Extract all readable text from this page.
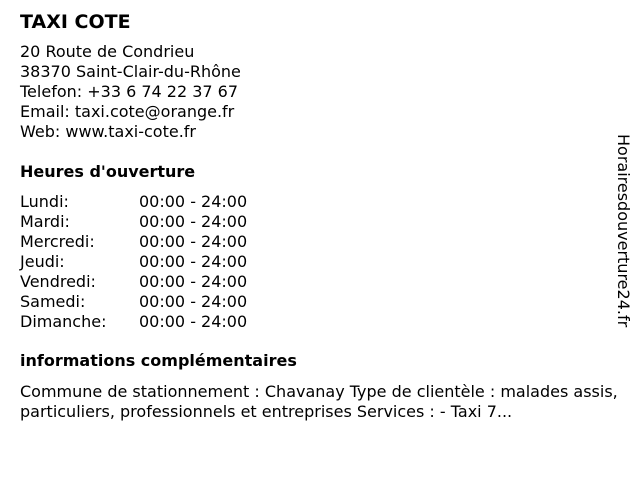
TAXI COTE
20 Route de Condrieu
38370 Saint-Clair-du-Rhône
Telefon: +33 6 74 22 37 67
Email: taxi.cote@orange.fr
Web: www.taxi-cote.fr
Heures d'ouverture
Lundi:	00:00 - 24:00
Mardi:	00:00 - 24:00
Mercredi:	00:00 - 24:00
Jeudi:	00:00 - 24:00
Vendredi:	00:00 - 24:00
Samedi:	00:00 - 24:00
Dimanche:	00:00 - 24:00
informations complémentaires
Commune de stationnement : Chavanay Type de clientèle : malades assis, particuliers, professionnels et entreprises Services : - Taxi 7...
Horairesdouverture24.fr
